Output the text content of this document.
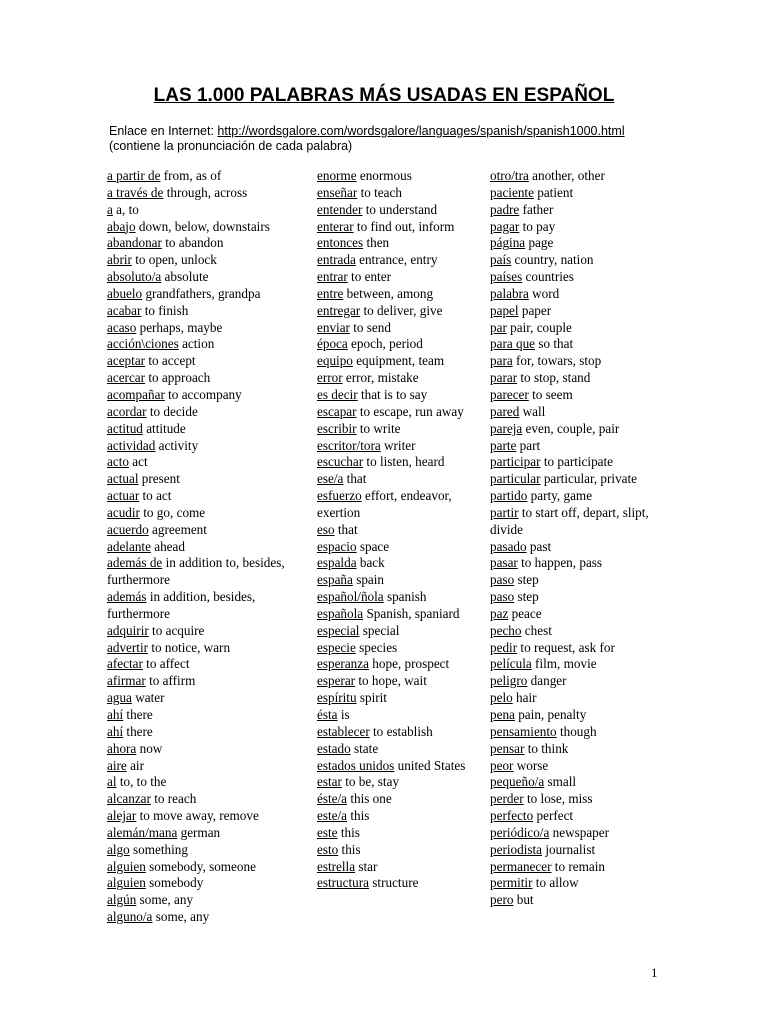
LAS 1.000 PALABRAS MÁS USADAS EN ESPAÑOL
Enlace en Internet: http://wordsgalore.com/wordsgalore/languages/spanish/spanish1000.html
(contiene la pronunciación de cada palabra)
a partir de from, as of
a través de through, across
a a, to
abajo down, below, downstairs
abandonar to abandon
abrir to open, unlock
absoluto/a absolute
abuelo grandfathers, grandpa
acabar to finish
acaso perhaps, maybe
acción\ciones action
aceptar to accept
acercar to approach
acompañar to accompany
acordar to decide
actitud attitude
actividad activity
acto act
actual present
actuar to act
acudir to go, come
acuerdo agreement
adelante ahead
además de in addition to, besides, furthermore
además in addition, besides, furthermore
adquirir to acquire
advertir to notice, warn
afectar to affect
afirmar to affirm
agua water
ahí there
ahí there
ahora now
aire air
al to, to the
alcanzar to reach
alejar to move away, remove
alemán/mana german
algo something
alguien somebody, someone
alguien somebody
algún some, any
alguno/a some, any
enorme enormous
enseñar to teach
entender to understand
enterar to find out, inform
entonces then
entrada entrance, entry
entrar to enter
entre between, among
entregar to deliver, give
enviar to send
época epoch, period
equipo equipment, team
error error, mistake
es decir that is to say
escapar to escape, run away
escribir to write
escritor/tora writer
escuchar to listen, heard
ese/a that
esfuerzo effort, endeavor, exertion
eso that
espacio space
espalda back
españa spain
español/ñola spanish
española Spanish, spaniard
especial special
especie species
esperanza hope, prospect
esperar to hope, wait
espíritu spirit
ésta is
establecer to establish
estado state
estados unidos united States
estar to be, stay
éste/a this one
este/a this
este this
esto this
estrella star
estructura structure
otro/tra another, other
paciente patient
padre father
pagar to pay
página page
país country, nation
países countries
palabra word
papel paper
par pair, couple
para que so that
para for, towars, stop
parar to stop, stand
parecer to seem
pared wall
pareja even, couple, pair
parte part
participar to participate
particular particular, private
partido party, game
partir to start off, depart, slipt, divide
pasado past
pasar to happen, pass
paso step
paso step
paz peace
pecho chest
pedir to request, ask for
película film, movie
peligro danger
pelo hair
pena pain, penalty
pensamiento though
pensar to think
peor worse
pequeño/a small
perder to lose, miss
perfecto perfect
periódico/a newspaper
periodista journalist
permanecer to remain
permitir to allow
pero but
1
